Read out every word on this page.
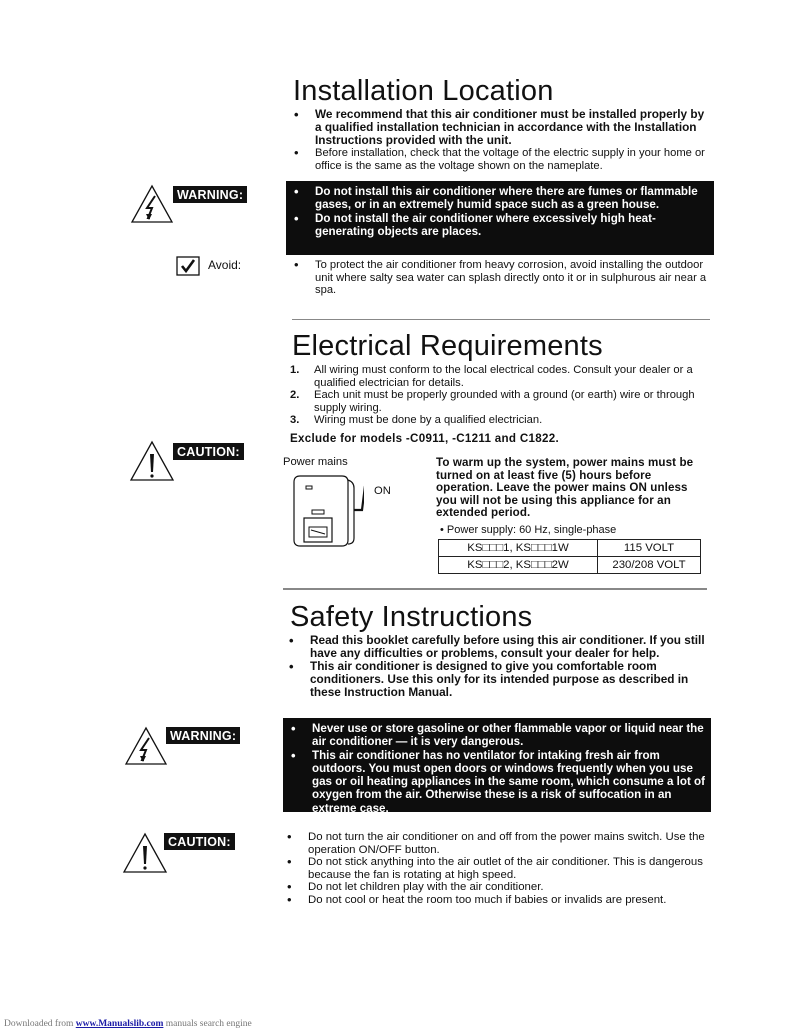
Installation Location
• We recommend that this air conditioner must be installed properly by a qualified installation technician in accordance with the Installation Instructions provided with the unit.
• Before installation, check that the voltage of the electric supply in your home or office is the same as the voltage shown on the nameplate.
WARNING:	• Do not install this air conditioner where there are fumes or flammable gases, or in an extremely humid space such as a green house.
• Do not install the air conditioner where excessively high heat-generating objects are places.
Avoid:	• To protect the air conditioner from heavy corrosion, avoid installing the outdoor unit where salty sea water can splash directly onto it or in sulphurous air near a spa.
Electrical Requirements
1. All wiring must conform to the local electrical codes. Consult your dealer or a qualified electrician for details.
2. Each unit must be properly grounded with a ground (or earth) wire or through supply wiring.
3. Wiring must be done by a qualified electrician.
Exclude for models -C0911, -C1211 and C1822.
CAUTION:
Power mains
ON
To warm up the system, power mains must be turned on at least five (5) hours before operation. Leave the power mains ON unless you will not be using this appliance for an extended period.
• Power supply: 60 Hz, single-phase
KS□□□1, KS□□□1W	115 VOLT
KS□□□2, KS□□□2W	230/208 VOLT
Safety Instructions
• Read this booklet carefully before using this air conditioner. If you still have any difficulties or problems, consult your dealer for help.
• This air conditioner is designed to give you comfortable room conditioners. Use this only for its intended purpose as described in these Instruction Manual.
WARNING:
• Never use or store gasoline or other flammable vapor or liquid near the air conditioner — it is very dangerous.
• This air conditioner has no ventilator for intaking fresh air from outdoors. You must open doors or windows frequently when you use gas or oil heating appliances in the same room, which consume a lot of oxygen from the air. Otherwise these is a risk of suffocation in an extreme case.
CAUTION:	• Do not turn the air conditioner on and off from the power mains switch. Use the operation ON/OFF button.
• Do not stick anything into the air outlet of the air conditioner. This is dangerous because the fan is rotating at high speed.
• Do not let children play with the air conditioner.
• Do not cool or heat the room too much if babies or invalids are present.
Downloaded from www.Manualslib.com manuals search engine
